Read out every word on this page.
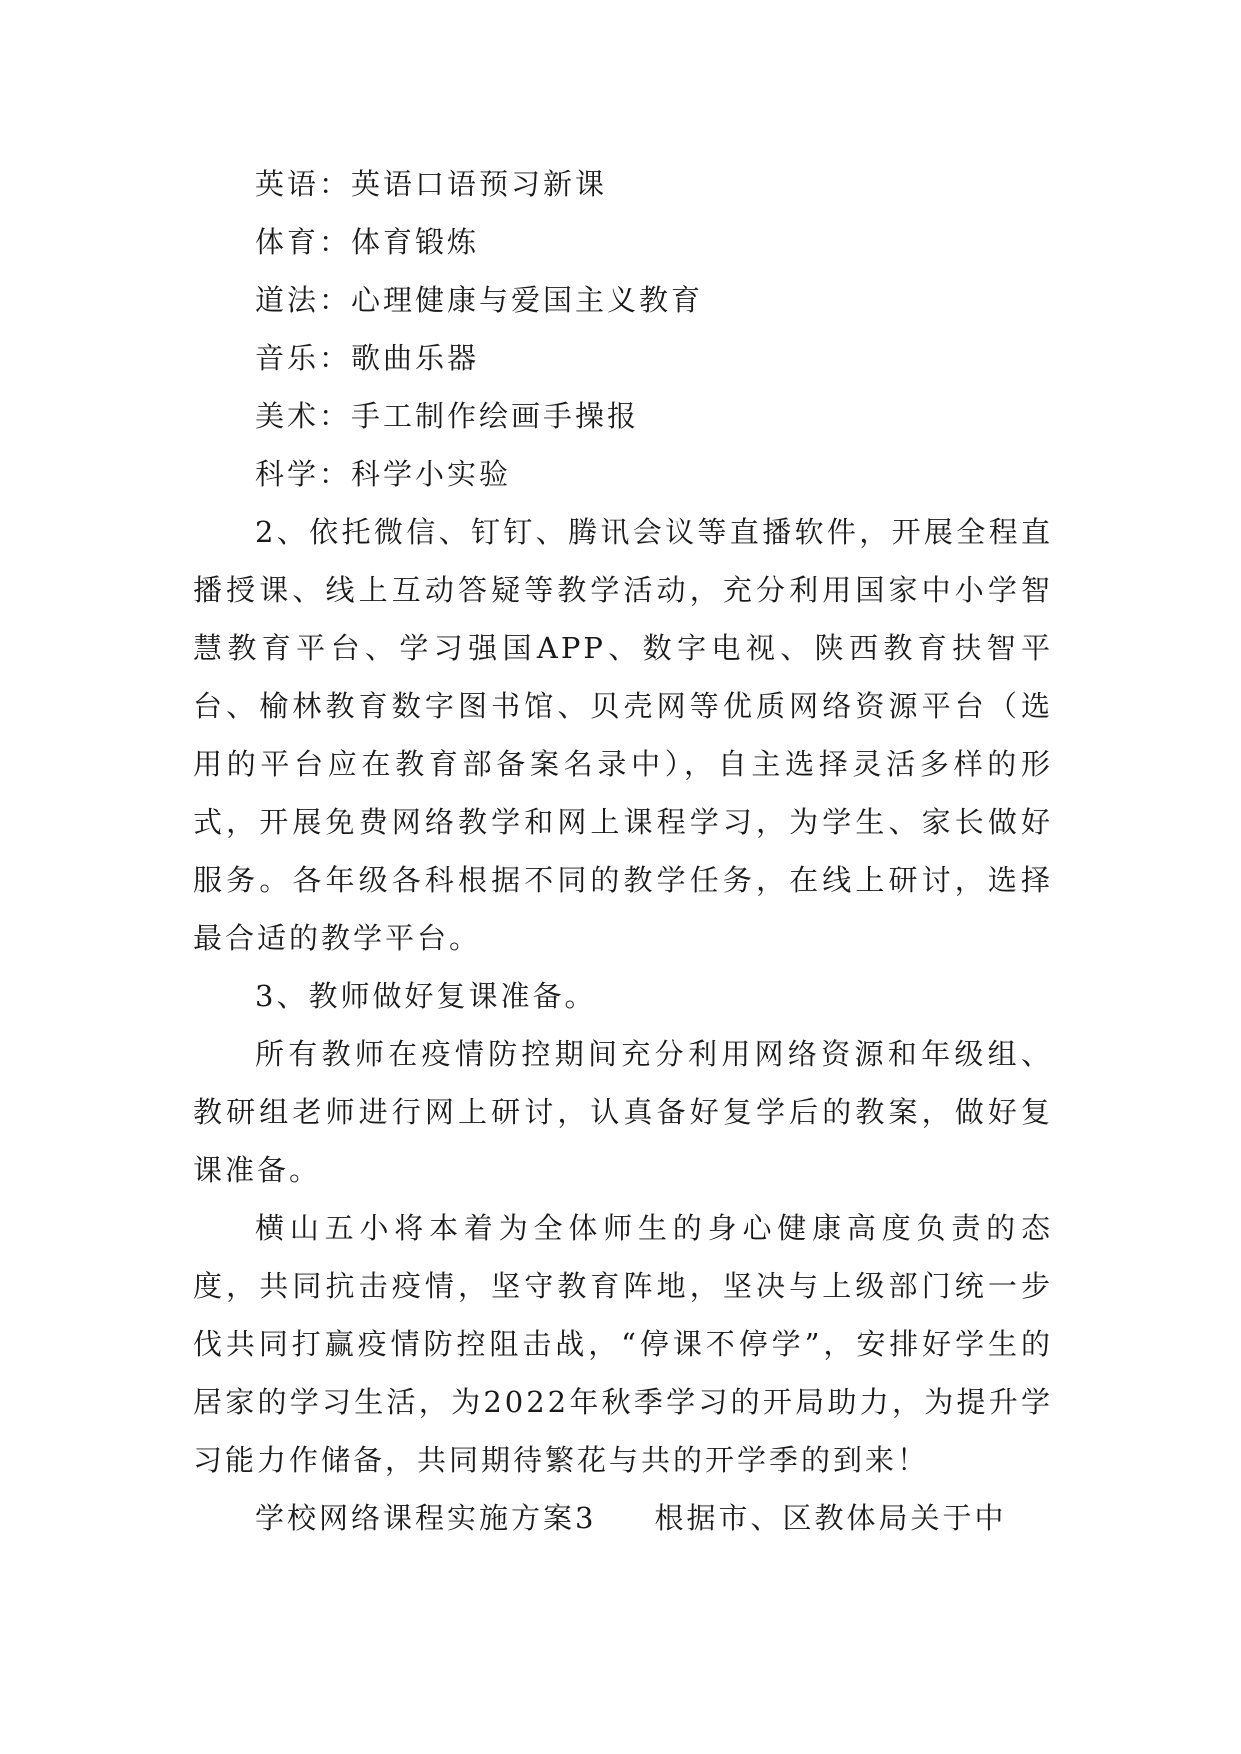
英语：英语口语预习新课
体育：体育锻炼
道法：心理健康与爱国主义教育
音乐：歌曲乐器
美术：手工制作绘画手操报
科学：科学小实验

2、依托微信、钉钉、腾讯会议等直播软件，开展全程直播授课、线上互动答疑等教学活动，充分利用国家中小学智慧教育平台、学习强国APP、数字电视、陕西教育扶智平台、榆林教育数字图书馆、贝壳网等优质网络资源平台（选用的平台应在教育部备案名录中），自主选择灵活多样的形式，开展免费网络教学和网上课程学习，为学生、家长做好服务。各年级各科根据不同的教学任务，在线上研讨，选择最合适的教学平台。

3、教师做好复课准备。

所有教师在疫情防控期间充分利用网络资源和年级组、教研组老师进行网上研讨，认真备好复学后的教案，做好复课准备。

横山五小将本着为全体师生的身心健康高度负责的态度，共同抗击疫情，坚守教育阵地，坚决与上级部门统一步伐共同打赢疫情防控阻击战，“停课不停学”，安排好学生的居家的学习生活，为2022年秋季学习的开局助力，为提升学习能力作储备，共同期待繁花与共的开学季的到来！

学校网络课程实施方案3 根据市、区教体局关于中
